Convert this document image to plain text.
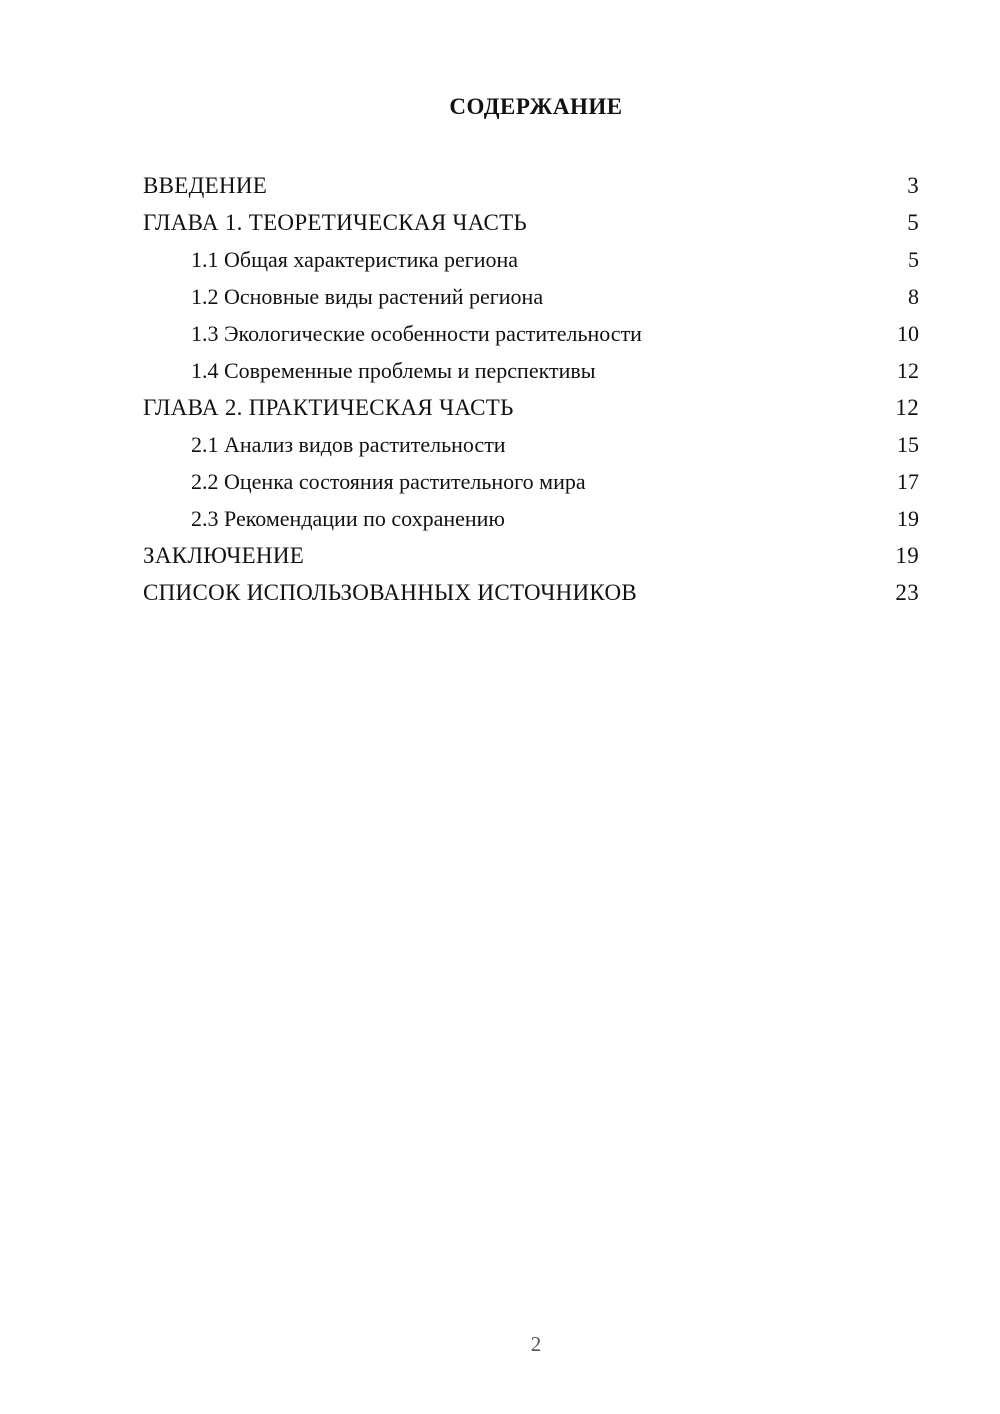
СОДЕРЖАНИЕ
ВВЕДЕНИЕ	3
ГЛАВА 1. ТЕОРЕТИЧЕСКАЯ ЧАСТЬ	5
1.1 Общая характеристика региона	5
1.2 Основные виды растений региона	8
1.3 Экологические особенности растительности	10
1.4 Современные проблемы и перспективы	12
ГЛАВА 2. ПРАКТИЧЕСКАЯ ЧАСТЬ	12
2.1 Анализ видов растительности	15
2.2 Оценка состояния растительного мира	17
2.3 Рекомендации по сохранению	19
ЗАКЛЮЧЕНИЕ	19
СПИСОК ИСПОЛЬЗОВАННЫХ ИСТОЧНИКОВ	23
2
